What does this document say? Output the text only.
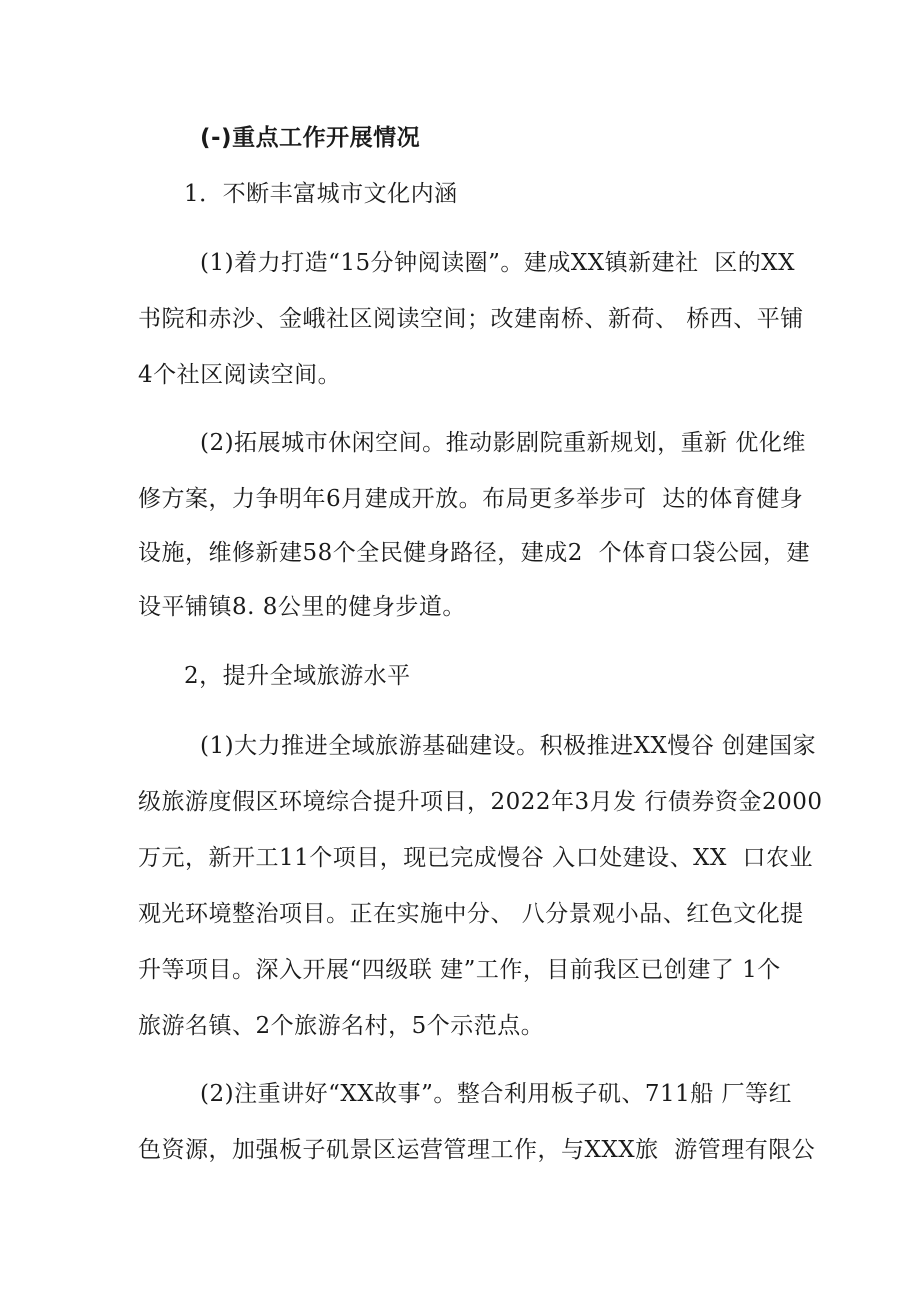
(-)重点工作开展情况
1．不断丰富城市文化内涵
(1)着力打造“15分钟阅读圈”。建成XX镇新建社  区的XX
书院和赤沙、金峨社区阅读空间；改建南桥、新荷、 桥西、平铺
4个社区阅读空间。
(2)拓展城市休闲空间。推动影剧院重新规划，重新 优化维
修方案，力争明年6月建成开放。布局更多举步可  达的体育健身
设施，维修新建58个全民健身路径，建成2  个体育口袋公园，建
设平铺镇8. 8公里的健身步道。
2，提升全域旅游水平
(1)大力推进全域旅游基础建设。积极推进XX慢谷 创建国家
级旅游度假区环境综合提升项目，2022年3月发 行债券资金2000
万元，新开工11个项目，现已完成慢谷 入口处建设、XX  口农业
观光环境整治项目。正在实施中分、 八分景观小品、红色文化提
升等项目。深入开展“四级联 建”工作，目前我区已创建了 1个
旅游名镇、2个旅游名村，5个示范点。
(2)注重讲好“XX故事”。整合利用板子矶、711船 厂等红
色资源，加强板子矶景区运营管理工作，与XXX旅  游管理有限公
